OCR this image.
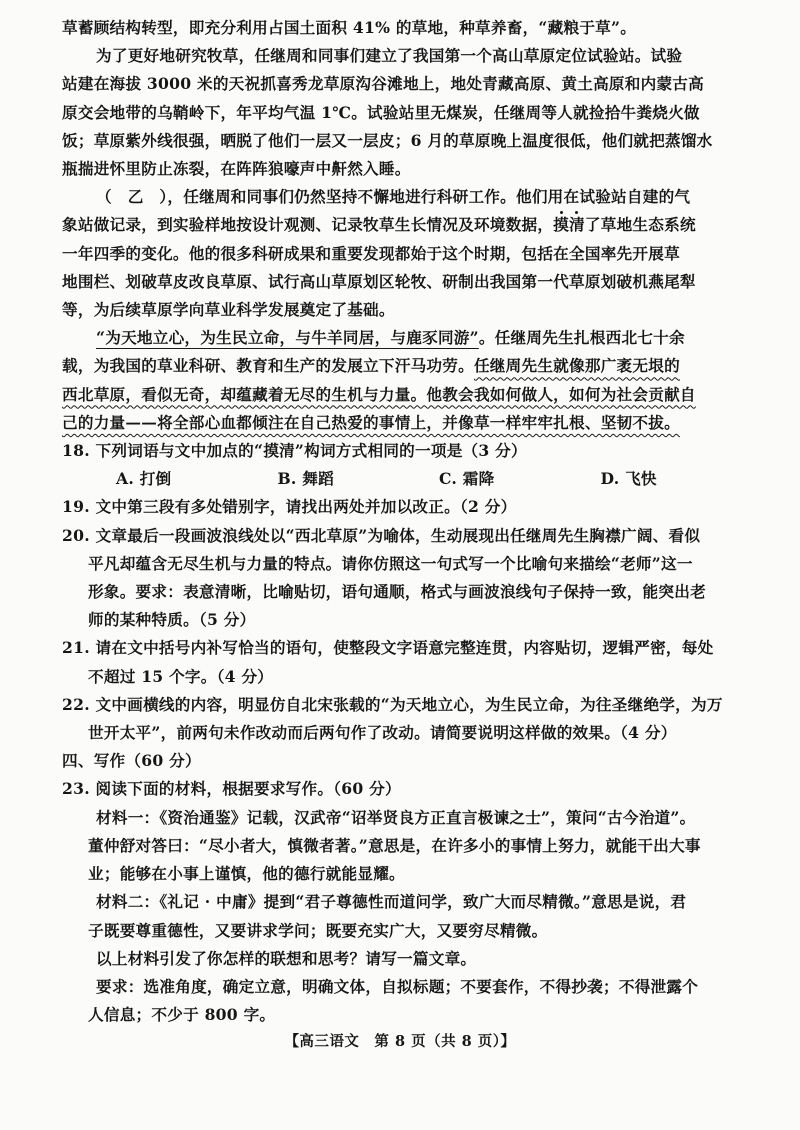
草蓄顾结构转型，即充分利用占国土面积 41% 的草地，种草养畜，“藏粮于草”。
为了更好地研究牧草，任继周和同事们建立了我国第一个高山草原定位试验站。试验
站建在海拔 3000 米的天祝抓喜秀龙草原沟谷滩地上，地处青藏高原、黄土高原和内蒙古高
原交会地带的乌鞘岭下，年平均气温 1℃。试验站里无煤炭，任继周等人就捡拾牛粪烧火做
饭；草原紫外线很强，晒脱了他们一层又一层皮；6 月的草原晚上温度很低，他们就把蒸馏水
瓶揣进怀里防止冻裂，在阵阵狼嚎声中鼾然入睡。
（　乙　），任继周和同事们仍然坚持不懈地进行科研工作。他们用在试验站自建的气
象站做记录，到实验样地按设计观测、记录牧草生长情况及环境数据，摸清了草地生态系统
一年四季的变化。他的很多科研成果和重要发现都始于这个时期，包括在全国率先开展草
地围栏、划破草皮改良草原、试行高山草原划区轮牧、研制出我国第一代草原划破机燕尾犁
等，为后续草原学向草业科学发展奠定了基础。
“为天地立心，为生民立命，与牛羊同居，与鹿豕同游”。任继周先生扎根西北七十余
载，为我国的草业科研、教育和生产的发展立下汗马功劳。任继周先生就像那广袤无垠的
西北草原，看似无奇，却蕴藏着无尽的生机与力量。他教会我如何做人，如何为社会贡献自
己的力量——将全部心血都倾注在自己热爱的事情上，并像草一样牢牢扎根、坚韧不拔。
18. 下列词语与文中加点的“摸清”构词方式相同的一项是（3 分）
A. 打倒	B. 舞蹈	C. 霜降	D. 飞快
19. 文中第三段有多处错别字，请找出两处并加以改正。（2 分）
20. 文章最后一段画波浪线处以“西北草原”为喻体，生动展现出任继周先生胸襟广阔、看似
平凡却蕴含无尽生机与力量的特点。请你仿照这一句式写一个比喻句来描绘“老师”这一
形象。要求：表意清晰，比喻贴切，语句通顺，格式与画波浪线句子保持一致，能突出老
师的某种特质。（5 分）
21. 请在文中括号内补写恰当的语句，使整段文字语意完整连贯，内容贴切，逻辑严密，每处
不超过 15 个字。（4 分）
22. 文中画横线的内容，明显仿自北宋张载的“为天地立心，为生民立命，为往圣继绝学，为万
世开太平”，前两句未作改动而后两句作了改动。请简要说明这样做的效果。（4 分）
四、写作（60 分）
23. 阅读下面的材料，根据要求写作。（60 分）
材料一：《资治通鉴》记载，汉武帝“诏举贤良方正直言极谏之士”，策问“古今治道”。
董仲舒对答曰：“尽小者大，慎微者著。”意思是，在许多小的事情上努力，就能干出大事
业；能够在小事上谨慎，他的德行就能显耀。
材料二：《礼记 · 中庸》提到“君子尊德性而道问学，致广大而尽精微。”意思是说，君
子既要尊重德性，又要讲求学问；既要充实广大，又要穷尽精微。
以上材料引发了你怎样的联想和思考？请写一篇文章。
要求：选准角度，确定立意，明确文体，自拟标题；不要套作，不得抄袭；不得泄露个
人信息；不少于 800 字。
【高三语文　第 8 页（共 8 页）】
